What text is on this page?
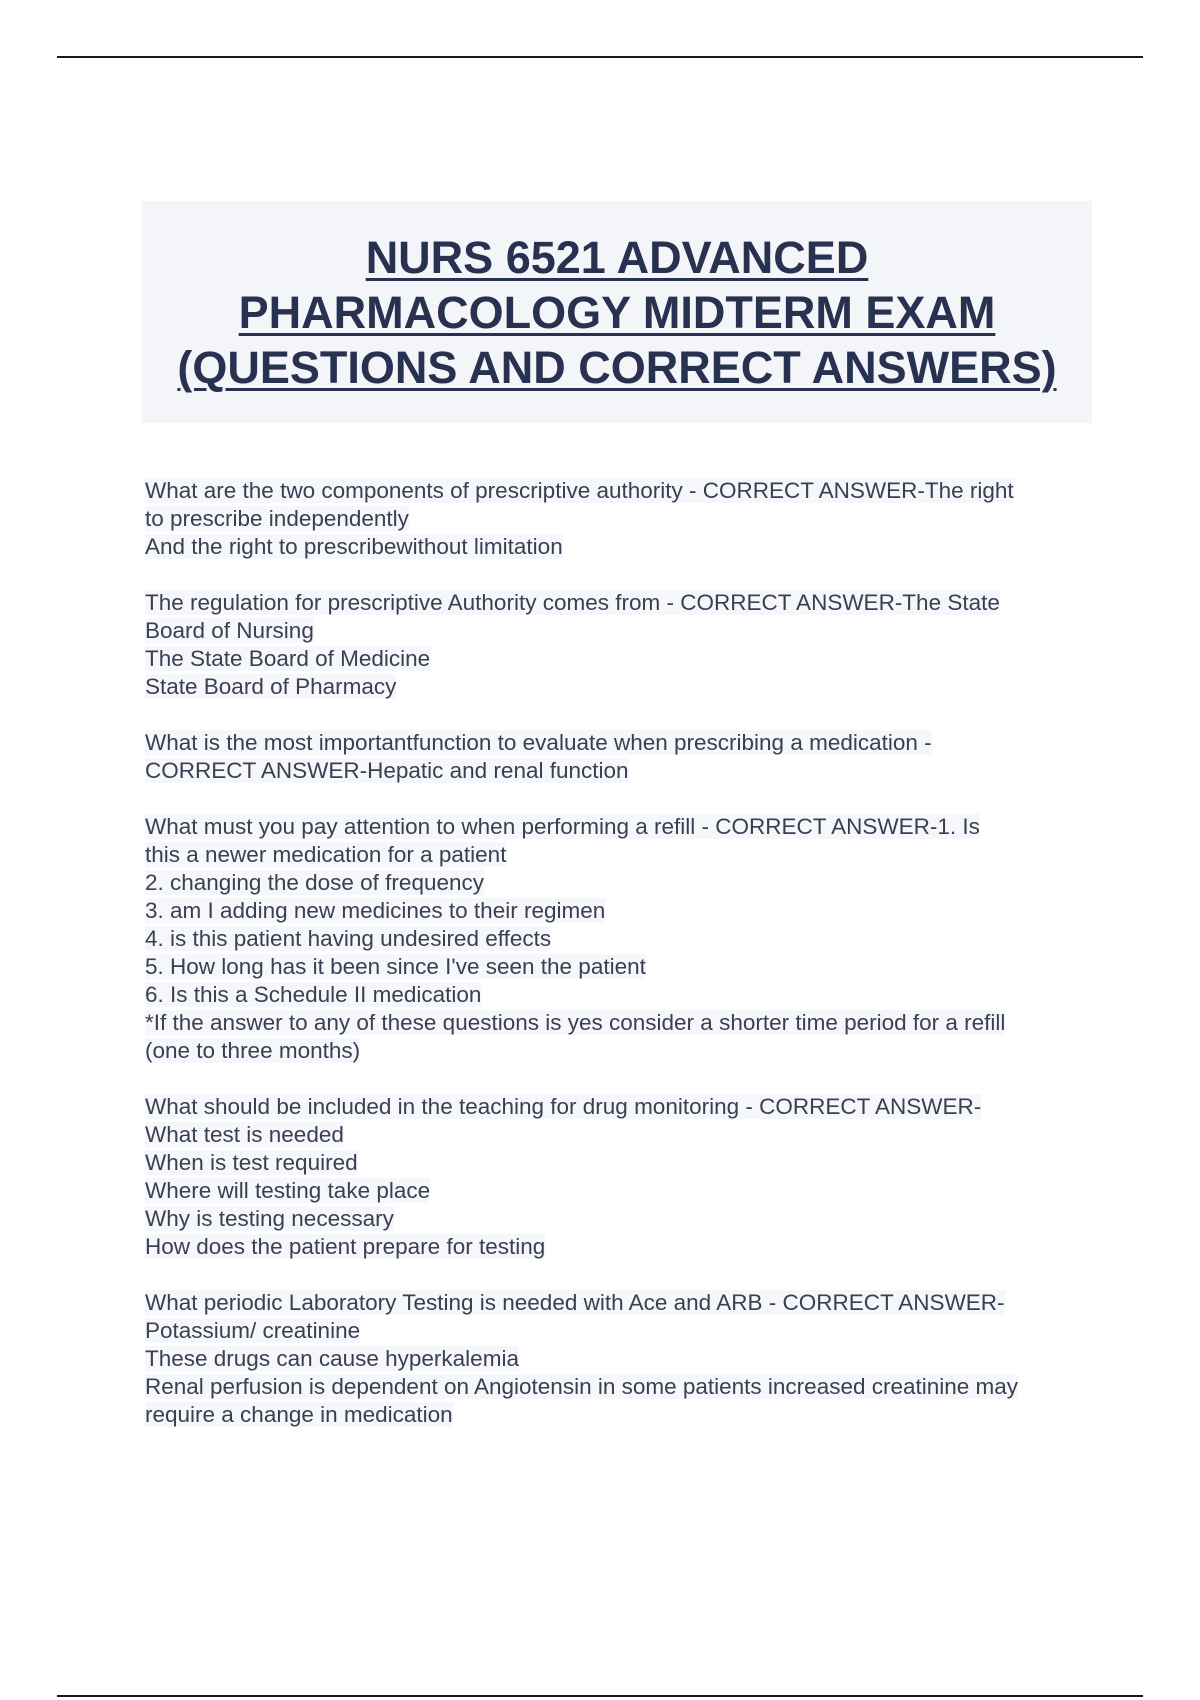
NURS 6521 ADVANCED PHARMACOLOGY MIDTERM EXAM (QUESTIONS AND CORRECT ANSWERS)
What are the two components of prescriptive authority - CORRECT ANSWER-The right
to prescribe independently
And the right to prescribewithout limitation
The regulation for prescriptive Authority comes from - CORRECT ANSWER-The State
Board of Nursing
The State Board of Medicine
State Board of Pharmacy
What is the most importantfunction to evaluate when prescribing a medication -
CORRECT ANSWER-Hepatic and renal function
What must you pay attention to when performing a refill - CORRECT ANSWER-1. Is
this a newer medication for a patient
2. changing the dose of frequency
3. am I adding new medicines to their regimen
4. is this patient having undesired effects
5. How long has it been since I've seen the patient
6. Is this a Schedule II medication
*If the answer to any of these questions is yes consider a shorter time period for a refill
(one to three months)
What should be included in the teaching for drug monitoring - CORRECT ANSWER-
What test is needed
When is test required
Where will testing take place
Why is testing necessary
How does the patient prepare for testing
What periodic Laboratory Testing is needed with Ace and ARB - CORRECT ANSWER-
Potassium/ creatinine
These drugs can cause hyperkalemia
Renal perfusion is dependent on Angiotensin in some patients increased creatinine may
require a change in medication
